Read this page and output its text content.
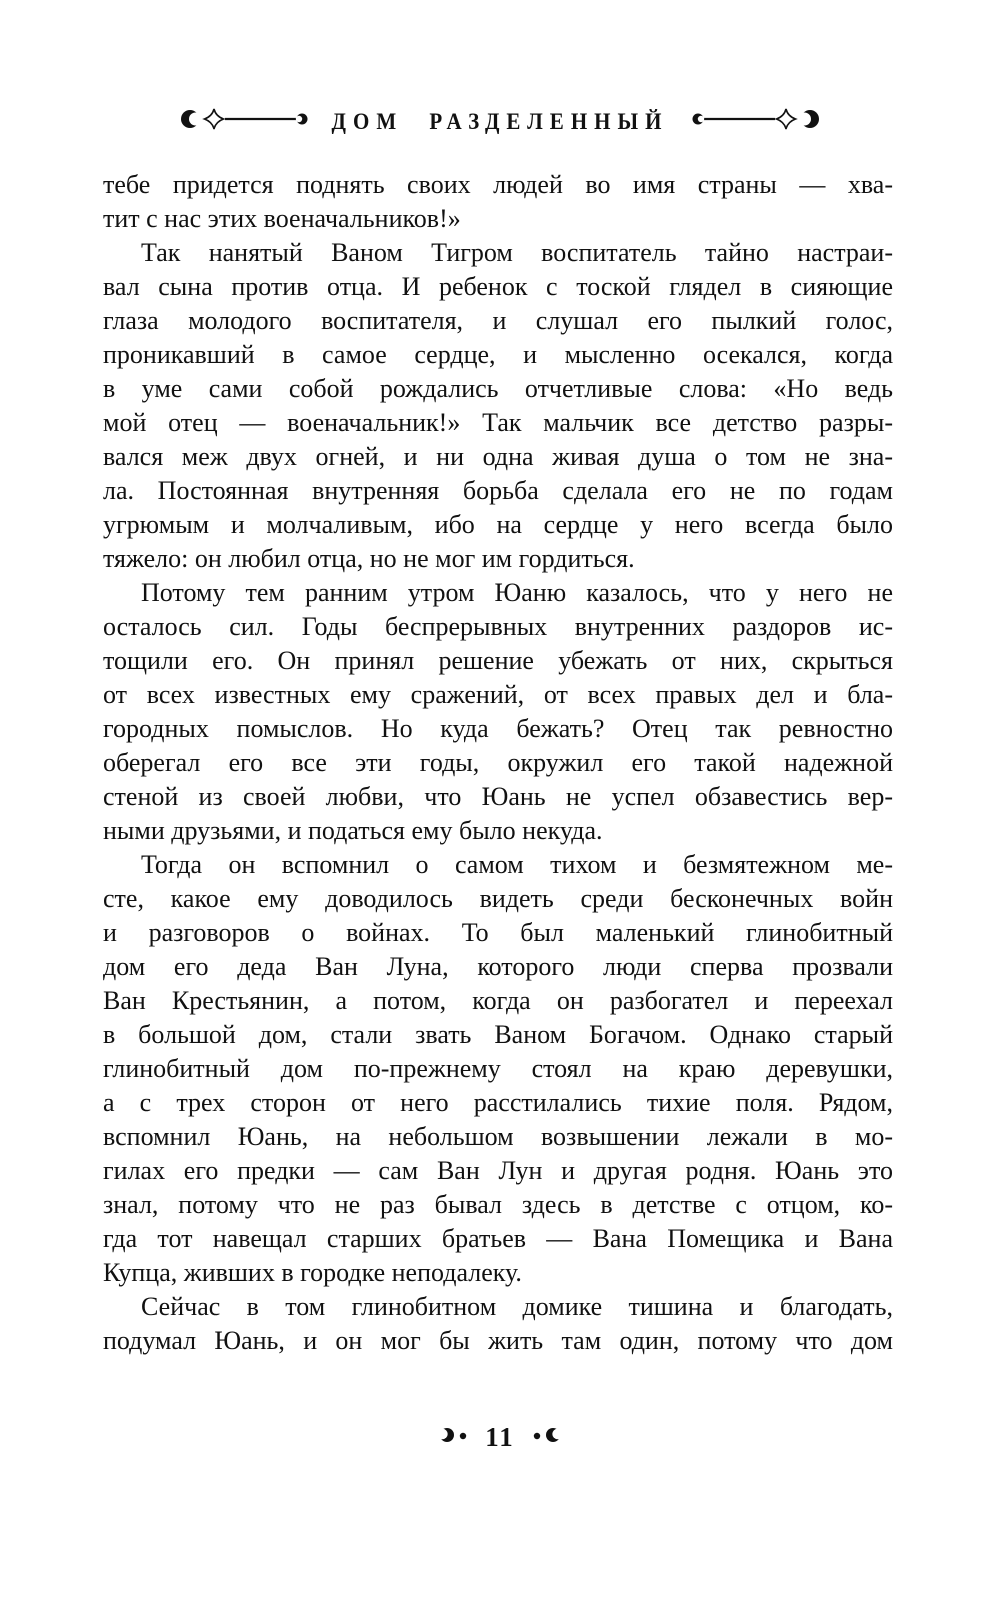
ДОМ РАЗДЕЛЕННЫЙ
тебе придется поднять своих людей во имя страны — хва-
тит с нас этих военачальников!»
Так нанятый Ваном Тигром воспитатель тайно настраи-
вал сына против отца. И ребенок с тоской глядел в сияющие
глаза молодого воспитателя, и слушал его пылкий голос,
проникавший в самое сердце, и мысленно осекался, когда
в уме сами собой рождались отчетливые слова: «Но ведь
мой отец — военачальник!» Так мальчик все детство разры-
вался меж двух огней, и ни одна живая душа о том не зна-
ла. Постоянная внутренняя борьба сделала его не по годам
угрюмым и молчаливым, ибо на сердце у него всегда было
тяжело: он любил отца, но не мог им гордиться.
Потому тем ранним утром Юаню казалось, что у него не
осталось сил. Годы беспрерывных внутренних раздоров ис-
тощили его. Он принял решение убежать от них, скрыться
от всех известных ему сражений, от всех правых дел и бла-
городных помыслов. Но куда бежать? Отец так ревностно
оберегал его все эти годы, окружил его такой надежной
стеной из своей любви, что Юань не успел обзавестись вер-
ными друзьями, и податься ему было некуда.
Тогда он вспомнил о самом тихом и безмятежном ме-
сте, какое ему доводилось видеть среди бесконечных войн
и разговоров о войнах. То был маленький глинобитный
дом его деда Ван Луна, которого люди сперва прозвали
Ван Крестьянин, а потом, когда он разбогател и переехал
в большой дом, стали звать Ваном Богачом. Однако старый
глинобитный дом по-прежнему стоял на краю деревушки,
а с трех сторон от него расстилались тихие поля. Рядом,
вспомнил Юань, на небольшом возвышении лежали в мо-
гилах его предки — сам Ван Лун и другая родня. Юань это
знал, потому что не раз бывал здесь в детстве с отцом, ко-
гда тот навещал старших братьев — Вана Помещика и Вана
Купца, живших в городке неподалеку.
Сейчас в том глинобитном домике тишина и благодать,
подумал Юань, и он мог бы жить там один, потому что дом
11
